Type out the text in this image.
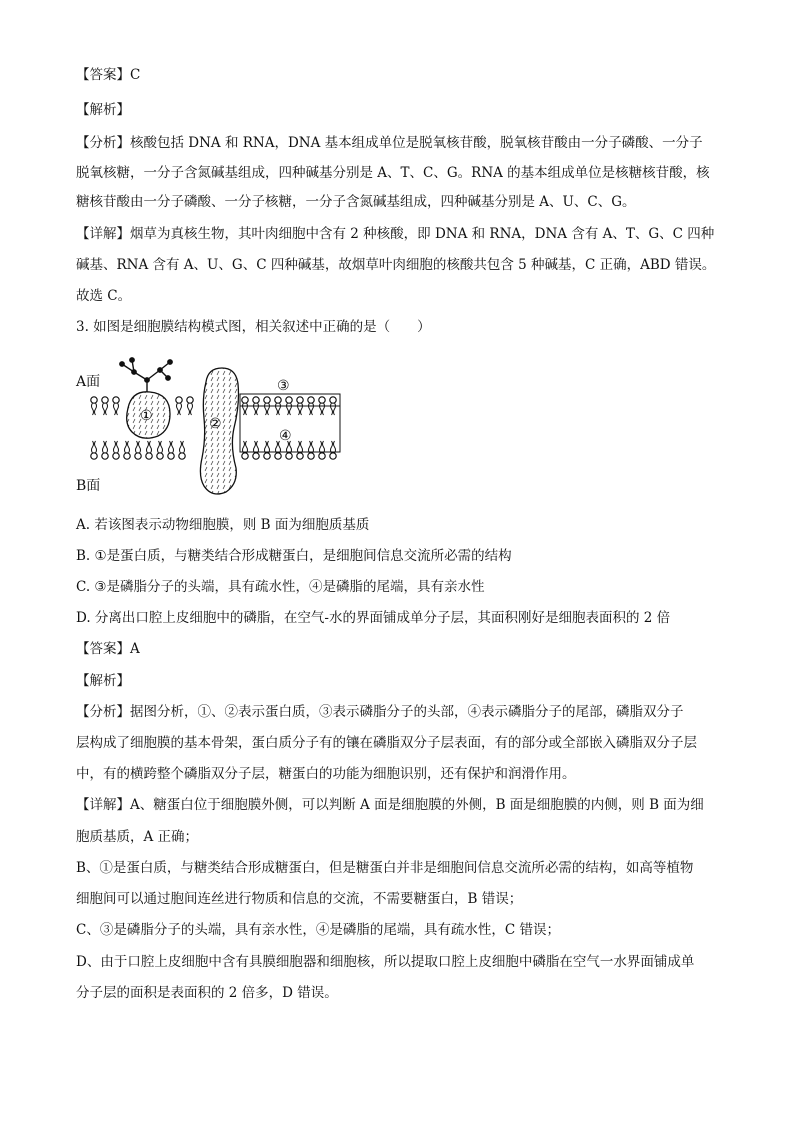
【答案】C
【解析】
【分析】核酸包括 DNA 和 RNA，DNA 基本组成单位是脱氧核苷酸，脱氧核苷酸由一分子磷酸、一分子
脱氧核糖，一分子含氮碱基组成，四种碱基分别是 A、T、C、G。RNA 的基本组成单位是核糖核苷酸，核
糖核苷酸由一分子磷酸、一分子核糖，一分子含氮碱基组成，四种碱基分别是 A、U、C、G。
【详解】烟草为真核生物，其叶肉细胞中含有 2 种核酸，即 DNA 和 RNA，DNA 含有 A、T、G、C 四种
碱基、RNA 含有 A、U、G、C 四种碱基，故烟草叶肉细胞的核酸共包含 5 种碱基，C 正确，ABD 错误。
故选 C。
3. 如图是细胞膜结构模式图，相关叙述中正确的是（　　）
A面
B面
①	②
③
④
A. 若该图表示动物细胞膜，则 B 面为细胞质基质
B. ①是蛋白质，与糖类结合形成糖蛋白，是细胞间信息交流所必需的结构
C. ③是磷脂分子的头端，具有疏水性，④是磷脂的尾端，具有亲水性
D. 分离出口腔上皮细胞中的磷脂，在空气-水的界面铺成单分子层，其面积刚好是细胞表面积的 2 倍
【答案】A
【解析】
【分析】据图分析，①、②表示蛋白质，③表示磷脂分子的头部，④表示磷脂分子的尾部，磷脂双分子
层构成了细胞膜的基本骨架，蛋白质分子有的镶在磷脂双分子层表面，有的部分或全部嵌入磷脂双分子层
中，有的横跨整个磷脂双分子层，糖蛋白的功能为细胞识别，还有保护和润滑作用。
【详解】A、糖蛋白位于细胞膜外侧，可以判断 A 面是细胞膜的外侧，B 面是细胞膜的内侧，则 B 面为细
胞质基质，A 正确；
B、①是蛋白质，与糖类结合形成糖蛋白，但是糖蛋白并非是细胞间信息交流所必需的结构，如高等植物
细胞间可以通过胞间连丝进行物质和信息的交流，不需要糖蛋白，B 错误；
C、③是磷脂分子的头端，具有亲水性，④是磷脂的尾端，具有疏水性，C 错误；
D、由于口腔上皮细胞中含有具膜细胞器和细胞核，所以提取口腔上皮细胞中磷脂在空气一水界面铺成单
分子层的面积是表面积的 2 倍多，D 错误。
